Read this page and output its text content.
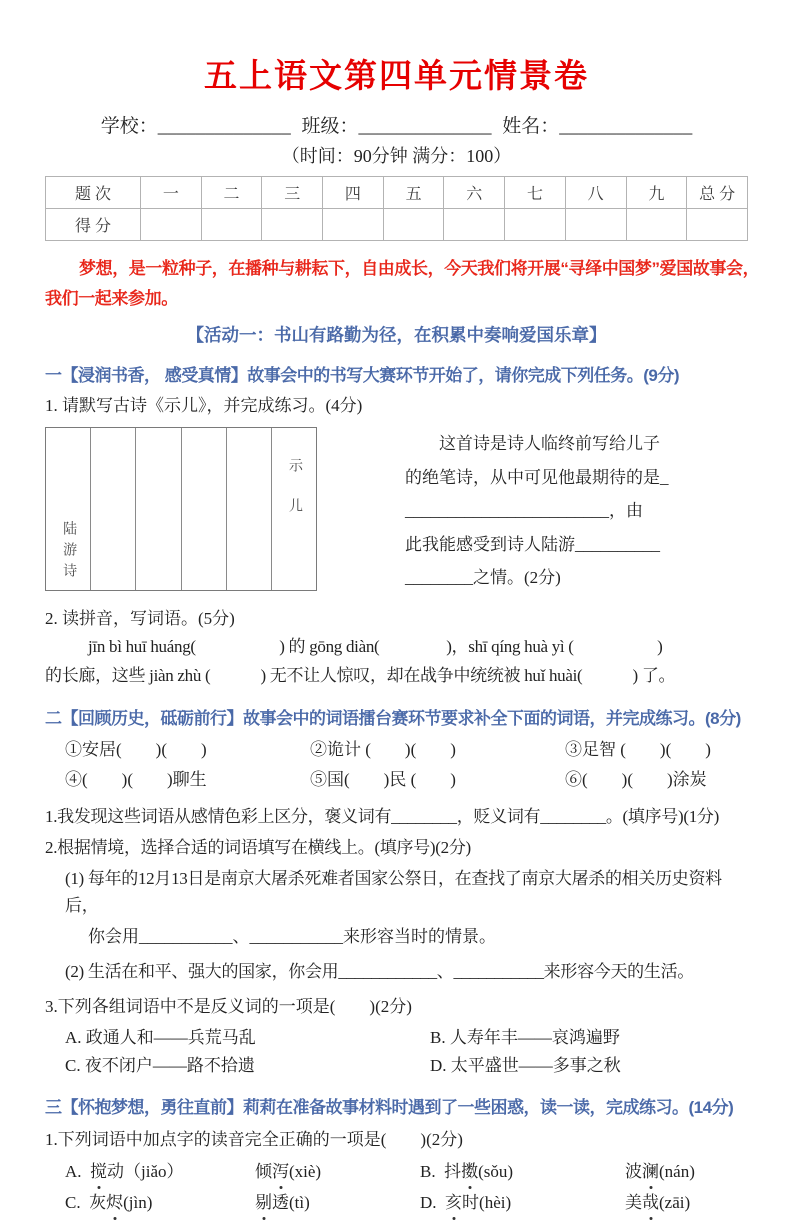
五上语文第四单元情景卷
学校：______________ 班级：______________ 姓名：______________
（时间：90分钟 满分：100）
题 次	一	二	三	四	五	六	七	八	九	总 分
得 分										
梦想，是一粒种子，在播种与耕耘下，自由成长，今天我们将开展“寻绎中国梦”爱国故事会，
我们一起来参加。
【活动一：书山有路勤为径，在积累中奏响爱国乐章】
一【浸润书香， 感受真情】故事会中的书写大赛环节开始了，请你完成下列任务。(9分)
1. 请默写古诗《示儿》，并完成练习。(4分)
陆游诗
示儿
这首诗是诗人临终前写给儿子
的绝笔诗，从中可见他最期待的是_
________________________，由
此我能感受到诗人陆游__________
________之情。(2分)
2. 读拼音，写词语。(5分)
jīn bì huī huáng(　　　　　) 的 gōng diàn(　　　　)，shī qíng huà yì (　　　　　)
的长廊，这些 jiàn zhù (　　　) 无不让人惊叹，却在战争中统统被 huǐ huài(　　　) 了。
二【回顾历史，砥砺前行】故事会中的词语擂台赛环节要求补全下面的词语，并完成练习。(8分)
①安居(　　)(　　)	②诡计 (　　)(　　)	③足智 (　　)(　　)
④(　　)(　　)聊生	⑤国(　　)民 (　　)	⑥(　　)(　　)涂炭
1.我发现这些词语从感情色彩上区分，褒义词有________，贬义词有________。(填序号)(1分)
2.根据情境，选择合适的词语填写在横线上。(填序号)(2分)
(1) 每年的12月13日是南京大屠杀死难者国家公祭日，在查找了南京大屠杀的相关历史资料后，
你会用___________、___________来形容当时的情景。
(2) 生活在和平、强大的国家，你会用____________、___________来形容今天的生活。
3.下列各组词语中不是反义词的一项是(　　)(2分)
A. 政通人和——兵荒马乱	B. 人寿年丰——哀鸿遍野
C. 夜不闭户——路不拾遗	D. 太平盛世——多事之秋
三【怀抱梦想，勇往直前】莉莉在准备故事材料时遇到了一些困惑，读一读，完成练习。(14分)
1.下列词语中加点字的读音完全正确的一项是(　　)(2分)
A. 搅动（jiǎo）	倾泻(xiè)	B. 抖擞(sǒu)	波澜(nán)
C. 灰烬(jìn)	剔透(tì)	D. 亥时(hèi)	美哉(zāi)
